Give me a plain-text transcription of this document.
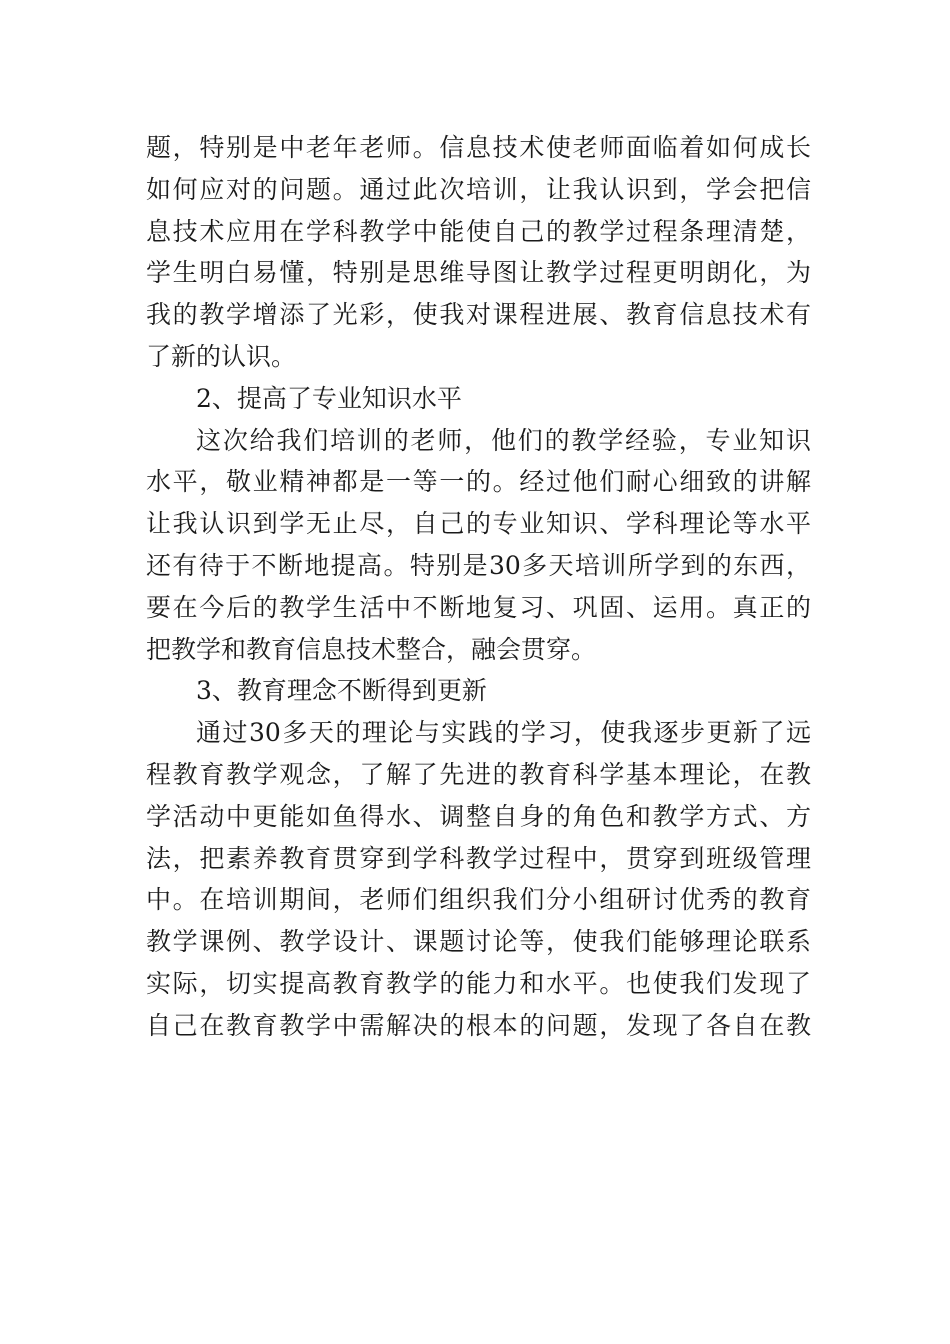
题，特别是中老年老师。信息技术使老师面临着如何成长
如何应对的问题。通过此次培训，让我认识到，学会把信
息技术应用在学科教学中能使自己的教学过程条理清楚，
学生明白易懂，特别是思维导图让教学过程更明朗化，为
我的教学增添了光彩，使我对课程进展、教育信息技术有
了新的认识。
2、提高了专业知识水平
这次给我们培训的老师，他们的教学经验，专业知识
水平，敬业精神都是一等一的。经过他们耐心细致的讲解
让我认识到学无止尽，自己的专业知识、学科理论等水平
还有待于不断地提高。特别是30多天培训所学到的东西，
要在今后的教学生活中不断地复习、巩固、运用。真正的
把教学和教育信息技术整合，融会贯穿。
3、教育理念不断得到更新
通过30多天的理论与实践的学习，使我逐步更新了远
程教育教学观念，了解了先进的教育科学基本理论，在教
学活动中更能如鱼得水、调整自身的角色和教学方式、方
法，把素养教育贯穿到学科教学过程中，贯穿到班级管理
中。在培训期间，老师们组织我们分小组研讨优秀的教育
教学课例、教学设计、课题讨论等，使我们能够理论联系
实际，切实提高教育教学的能力和水平。也使我们发现了
自己在教育教学中需解决的根本的问题，发现了各自在教
